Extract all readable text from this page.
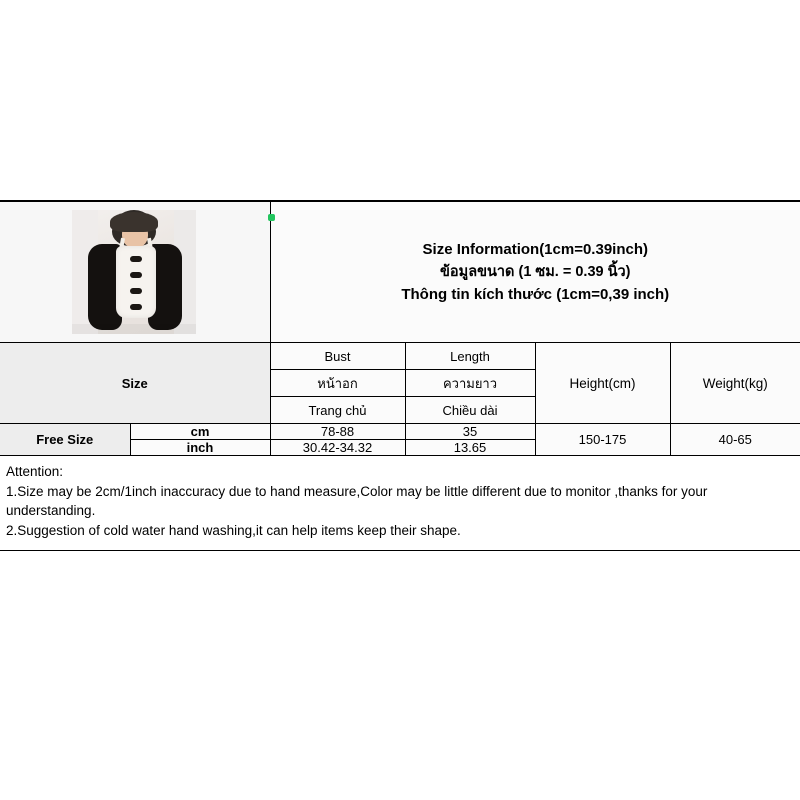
		Size Information(1cm=0.39inch)
ข้อมูลขนาด (1 ซม. = 0.39 นิ้ว)
Thông tin kích thước (1cm=0,39 inch)			

Size		Bust	Length	Height(cm)	Weight(kg)
		หน้าอก	ความยาว		
		Trang chủ	Chiều dài		
Free Size	cm	78-88	35	150-175	40-65
	inch	30.42-34.32	13.65		
Attention:
1.Size may be 2cm/1inch inaccuracy due to hand measure,Color may be little different due to monitor ,thanks for your understanding.
2.Suggestion of cold water hand washing,it can help items keep their shape.
